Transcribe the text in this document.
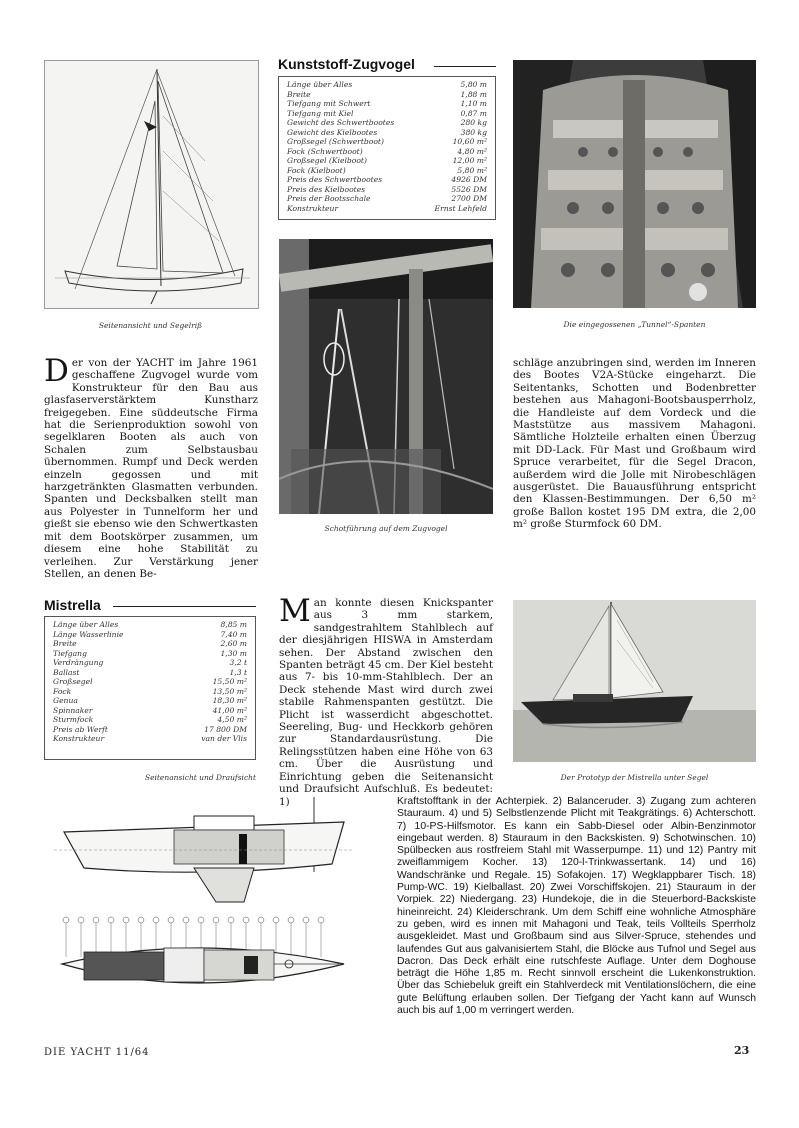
Seitenansicht und Segelriß
Kunststoff-Zugvogel
Länge über Alles	5,80 m
Breite	1,88 m
Tiefgang mit Schwert	1,10 m
Tiefgang mit Kiel	0,87 m
Gewicht des Schwertbootes	280 kg
Gewicht des Kielbootes	380 kg
Großsegel (Schwertboot)	10,60 m²
Fock (Schwertboot)	4,80 m²
Großsegel (Kielboot)	12,00 m²
Fock (Kielboot)	5,80 m²
Preis des Schwertbootes	4926 DM
Preis des Kielbootes	5526 DM
Preis der Bootsschale	2700 DM
Konstrukteur	Ernst Lehfeld
Schotführung auf dem Zugvogel
Die eingegossenen „Tunnel“-Spanten

Der von der YACHT im Jahre 1961 geschaffene Zugvogel wurde vom Konstrukteur für den Bau aus glasfaserverstärktem Kunstharz freigegeben. Eine süddeutsche Firma hat die Serienproduktion sowohl von segelklaren Booten als auch von Schalen zum Selbstausbau übernommen. Rumpf und Deck werden einzeln gegossen und mit harzgetränkten Glasmatten verbunden. Spanten und Decksbalken stellt man aus Polyester in Tunnelform her und gießt sie ebenso wie den Schwertkasten mit dem Bootskörper zusammen, um diesem eine hohe Stabilität zu verleihen. Zur Verstärkung jener Stellen, an denen Be-

schläge anzubringen sind, werden im Inneren des Bootes V2A-Stücke eingeharzt. Die Seitentanks, Schotten und Bodenbretter bestehen aus Mahagoni-Bootsbausperrholz, die Handleiste auf dem Vordeck und die Maststütze aus massivem Mahagoni. Sämtliche Holzteile erhalten einen Überzug mit DD-Lack. Für Mast und Großbaum wird Spruce verarbeitet, für die Segel Dracon, außerdem wird die Jolle mit Nirobeschlägen ausgerüstet. Die Bauausführung entspricht den Klassen-Bestimmungen. Der 6,50 m² große Ballon kostet 195 DM extra, die 2,00 m² große Sturmfock 60 DM.

Mistrella
Länge über Alles	8,85 m
Länge Wasserlinie	7,40 m
Breite	2,60 m
Tiefgang	1,30 m
Verdrängung	3,2 t
Ballast	1,3 t
Großsegel	15,50 m²
Fock	13,50 m²
Genua	18,30 m²
Spinnaker	41,00 m²
Sturmfock	4,50 m²
Preis ab Werft	17 800 DM
Konstrukteur	van der Vlis

Man konnte diesen Knickspanter aus 3 mm starkem, sandgestrahltem Stahlblech auf der diesjährigen HISWA in Amsterdam sehen. Der Abstand zwischen den Spanten beträgt 45 cm. Der Kiel besteht aus 7- bis 10-mm-Stahlblech. Der an Deck stehende Mast wird durch zwei stabile Rahmenspanten gestützt. Die Plicht ist wasserdicht abgeschottet. Seereling, Bug- und Heckkorb gehören zur Standardausrüstung. Die Relingsstützen haben eine Höhe von 63 cm. Über die Ausrüstung und Einrichtung geben die Seitenansicht und Draufsicht Aufschluß. Es bedeutet: 1)

Der Prototyp der Mistrella unter Segel
Seitenansicht und Draufsicht

Kraftstofftank in der Achterpiek. 2) Balanceruder. 3) Zugang zum achteren Stauraum. 4) und 5) Selbstlenzende Plicht mit Teakgrätings. 6) Achterschott. 7) 10-PS-Hilfsmotor. Es kann ein Sabb-Diesel oder Albin-Benzinmotor eingebaut werden. 8) Stauraum in den Backskisten. 9) Schotwinschen. 10) Spülbecken aus rostfreiem Stahl mit Wasserpumpe. 11) und 12) Pantry mit zweiflammigem Kocher. 13) 120-l-Trinkwassertank. 14) und 16) Wandschränke und Regale. 15) Sofakojen. 17) Wegklappbarer Tisch. 18) Pump-WC. 19) Kielballast. 20) Zwei Vorschiffskojen. 21) Stauraum in der Vorpiek. 22) Niedergang. 23) Hundekoje, die in die Steuerbord-Backskiste hineinreicht. 24) Kleiderschrank. Um dem Schiff eine wohnliche Atmosphäre zu geben, wird es innen mit Mahagoni und Teak, teils Vollteils Sperrholz ausgekleidet. Mast und Großbaum sind aus Silver-Spruce, stehendes und laufendes Gut aus galvanisiertem Stahl, die Blöcke aus Tufnol und Segel aus Dacron. Das Deck erhält eine rutschfeste Auflage. Unter dem Doghouse beträgt die Höhe 1,85 m. Recht sinnvoll erscheint die Lukenkonstruktion. Über das Schiebeluk greift ein Stahlverdeck mit Ventilationslöchern, die eine gute Belüftung erlauben sollen. Der Tiefgang der Yacht kann auf Wunsch auch bis auf 1,00 m verringert werden.

DIE YACHT 11/64	23
